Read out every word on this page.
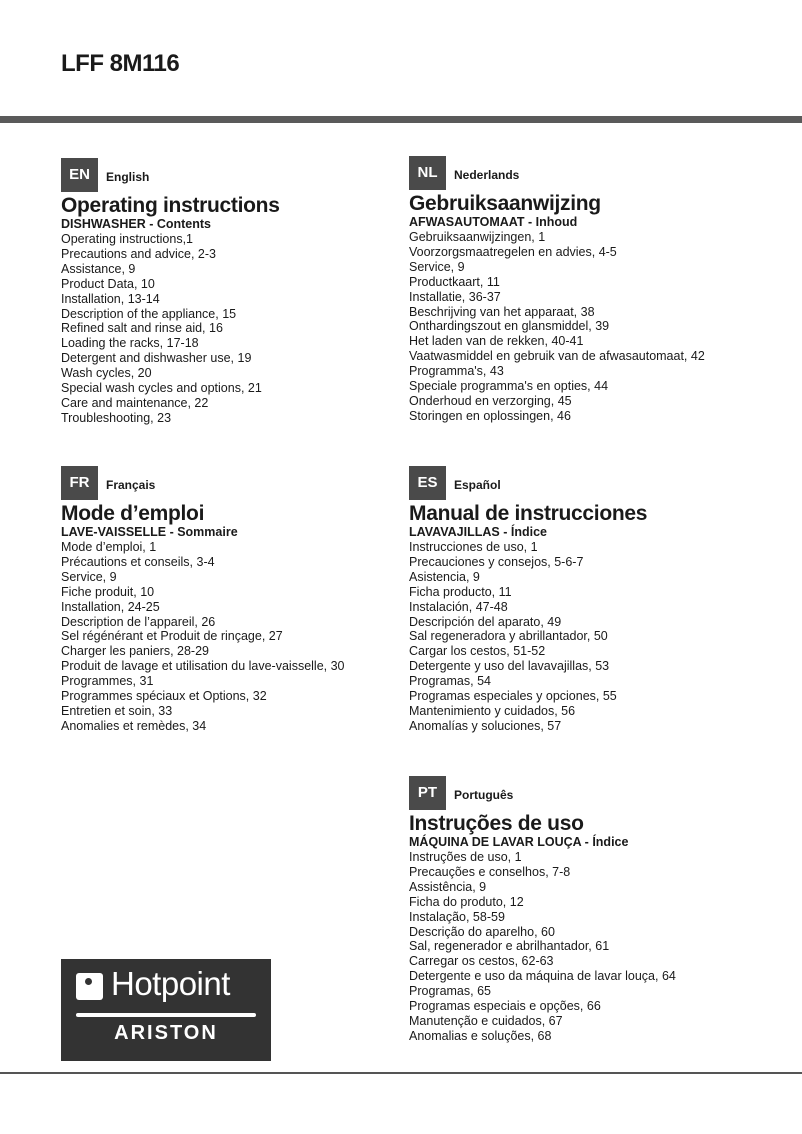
LFF 8M116
EN English
Operating instructions
DISHWASHER - Contents
Operating instructions,1
Precautions and advice, 2-3
Assistance, 9
Product Data, 10
Installation, 13-14
Description of the appliance, 15
Refined salt and rinse aid, 16
Loading the racks, 17-18
Detergent and dishwasher use, 19
Wash cycles, 20
Special wash cycles and options, 21
Care and maintenance, 22
Troubleshooting, 23
NL Nederlands
Gebruiksaanwijzing
AFWASAUTOMAAT - Inhoud
Gebruiksaanwijzingen, 1
Voorzorgsmaatregelen en advies, 4-5
Service, 9
Productkaart, 11
Installatie, 36-37
Beschrijving van het apparaat, 38
Onthardingszout en glansmiddel, 39
Het laden van de rekken, 40-41
Vaatwasmiddel en gebruik van de afwasautomaat, 42
Programma's, 43
Speciale programma's en opties, 44
Onderhoud en verzorging, 45
Storingen en oplossingen, 46
FR Français
Mode d’emploi
LAVE-VAISSELLE - Sommaire
Mode d’emploi, 1
Précautions et conseils, 3-4
Service, 9
Fiche produit, 10
Installation, 24-25
Description de l’appareil, 26
Sel régénérant et Produit de rinçage, 27
Charger les paniers, 28-29
Produit de lavage et utilisation du lave-vaisselle, 30
Programmes, 31
Programmes spéciaux et Options, 32
Entretien et soin, 33
Anomalies et remèdes, 34
ES Español
Manual de instrucciones
LAVAVAJILLAS - Índice
Instrucciones de uso, 1
Precauciones y consejos, 5-6-7
Asistencia, 9
Ficha producto, 11
Instalación, 47-48
Descripción del aparato, 49
Sal regeneradora y abrillantador, 50
Cargar los cestos, 51-52
Detergente y uso del lavavajillas, 53
Programas, 54
Programas especiales y opciones, 55
Mantenimiento y cuidados, 56
Anomalías y soluciones, 57
PT Português
Instruções de uso
MÁQUINA DE LAVAR LOUÇA - Índice
Instruções de uso, 1
Precauções e conselhos, 7-8
Assistência, 9
Ficha do produto, 12
Instalação, 58-59
Descrição do aparelho, 60
Sal, regenerador e abrilhantador, 61
Carregar os cestos, 62-63
Detergente e uso da máquina de lavar louça, 64
Programas, 65
Programas especiais e opções, 66
Manutenção e cuidados, 67
Anomalias e soluções, 68
Hotpoint
ARISTON
